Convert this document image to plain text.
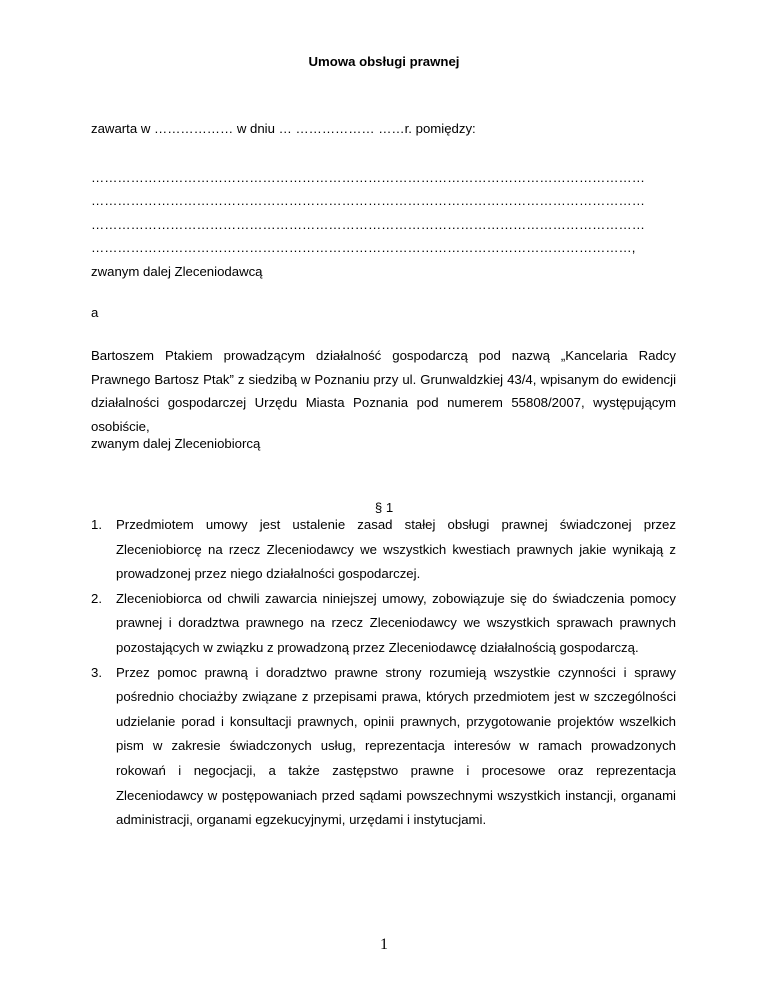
Umowa obsługi prawnej
zawarta w ……………… w dniu … ……………… ……r. pomiędzy:
………………………………………………………………………………………………………………
………………………………………………………………………………………………………………
………………………………………………………………………………………………………………
……………………………………………………………………………………………………………,
zwanym dalej Zleceniodawcą
a
Bartoszem Ptakiem prowadzącym działalność gospodarczą pod nazwą „Kancelaria Radcy Prawnego Bartosz Ptak” z siedzibą w Poznaniu przy ul. Grunwaldzkiej 43/4, wpisanym do ewidencji działalności gospodarczej Urzędu Miasta Poznania pod numerem 55808/2007, występującym osobiście,
zwanym dalej Zleceniobiorcą
§ 1
1. Przedmiotem umowy jest ustalenie zasad stałej obsługi prawnej świadczonej przez Zleceniobiorcę na rzecz Zleceniodawcy we wszystkich kwestiach prawnych jakie wynikają z prowadzonej przez niego działalności gospodarczej.
2. Zleceniobiorca od chwili zawarcia niniejszej umowy, zobowiązuje się do świadczenia pomocy prawnej i doradztwa prawnego na rzecz Zleceniodawcy we wszystkich sprawach prawnych pozostających w związku z prowadzoną przez Zleceniodawcę działalnością gospodarczą.
3. Przez pomoc prawną i doradztwo prawne strony rozumieją wszystkie czynności i sprawy pośrednio chociażby związane z przepisami prawa, których przedmiotem jest w szczególności udzielanie porad i konsultacji prawnych, opinii prawnych, przygotowanie projektów wszelkich pism w zakresie świadczonych usług, reprezentacja interesów w ramach prowadzonych rokowań i negocjacji, a także zastępstwo prawne i procesowe oraz reprezentacja Zleceniodawcy w postępowaniach przed sądami powszechnymi wszystkich instancji, organami administracji, organami egzekucyjnymi, urzędami i instytucjami.
1
